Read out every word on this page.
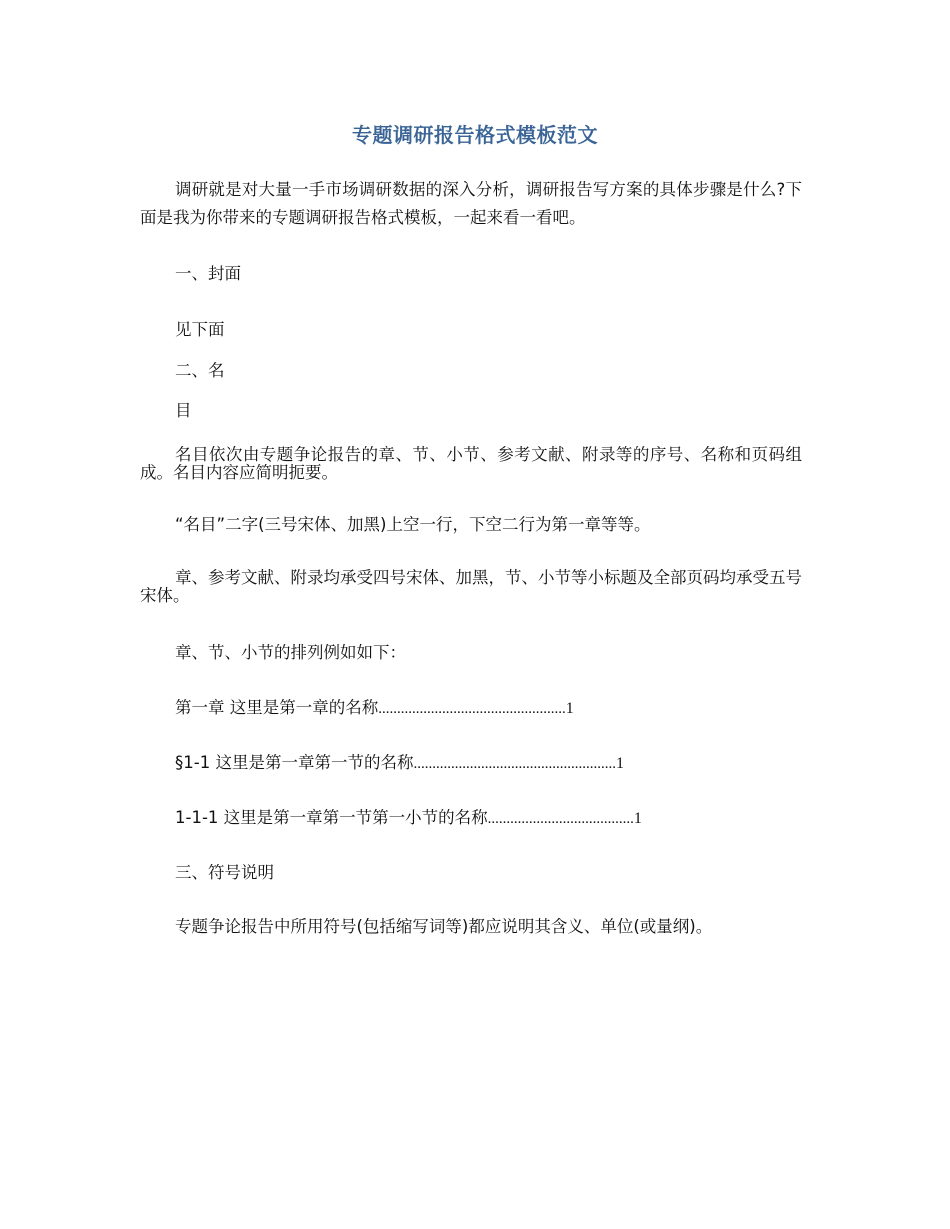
专题调研报告格式模板范文

调研就是对大量一手市场调研数据的深入分析，调研报告写方案的具体步骤是什么?下面是我为你带来的专题调研报告格式模板，一起来看一看吧。

一、封面
见下面
二、名
目

名目依次由专题争论报告的章、节、小节、参考文献、附录等的序号、名称和页码组成。名目内容应简明扼要。

“名目”二字(三号宋体、加黑)上空一行，下空二行为第一章等等。

章、参考文献、附录均承受四号宋体、加黑，节、小节等小标题及全部页码均承受五号宋体。

章、节、小节的排列例如如下：
第一章 这里是第一章的名称..................................................1
§1-1 这里是第一章第一节的名称......................................................1
1-1-1 这里是第一章第一节第一小节的名称.......................................1
三、符号说明
专题争论报告中所用符号(包括缩写词等)都应说明其含义、单位(或量纲)。
